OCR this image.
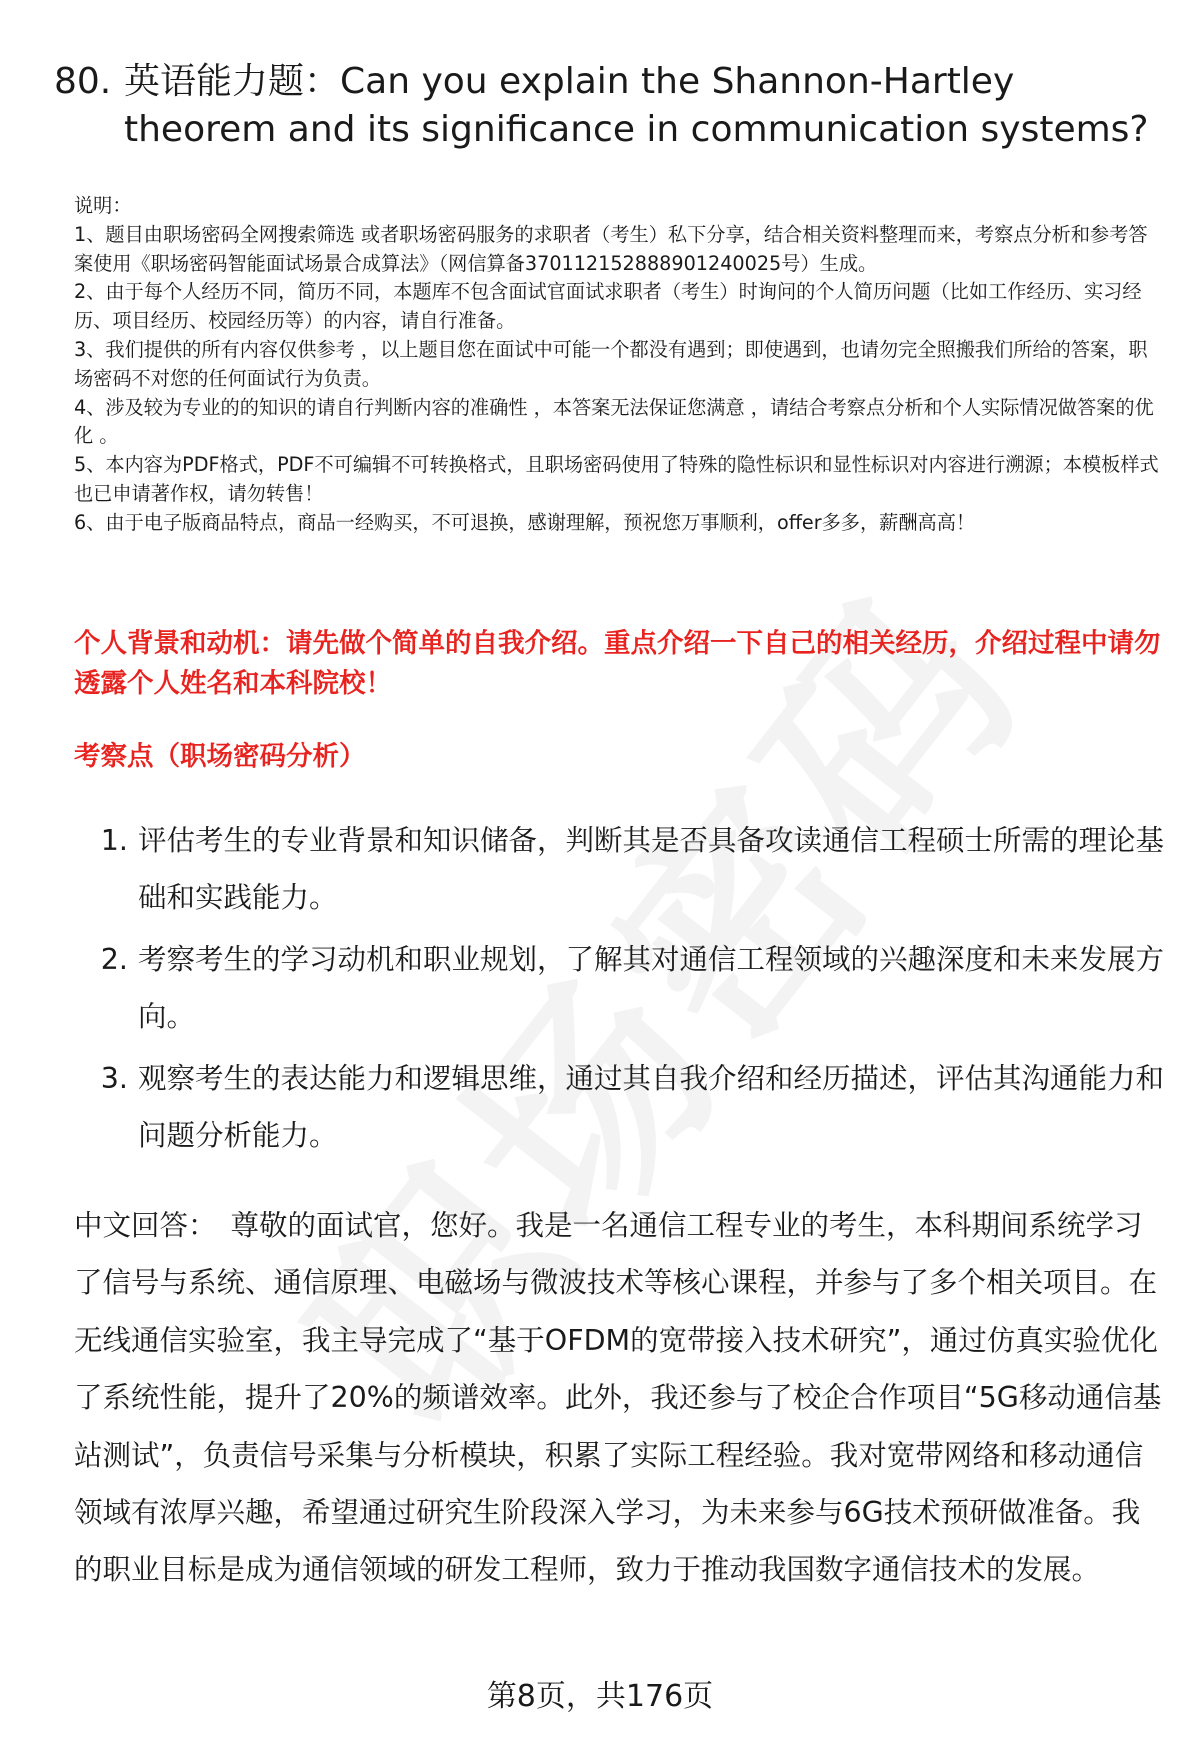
80. 英语能力题：Can you explain the Shannon-Hartley theorem and its significance in communication systems?

说明：

1、题目由职场密码全网搜索筛选 或者职场密码服务的求职者（考生）私下分享，结合相关资料整理而来，考察点分析和参考答案使用《职场密码智能面试场景合成算法》（网信算备370112152888901240025号）生成。

2、由于每个人经历不同，简历不同，本题库不包含面试官面试求职者（考生）时询问的个人简历问题（比如工作经历、实习经历、项目经历、校园经历等）的内容，请自行准备。

3、我们提供的所有内容仅供参考 ，以上题目您在面试中可能一个都没有遇到；即使遇到，也请勿完全照搬我们所给的答案，职场密码不对您的任何面试行为负责。

4、涉及较为专业的的知识的请自行判断内容的准确性 ，本答案无法保证您满意 ，请结合考察点分析和个人实际情况做答案的优化 。

5、本内容为PDF格式，PDF不可编辑不可转换格式，且职场密码使用了特殊的隐性标识和显性标识对内容进行溯源；本模板样式也已申请著作权，请勿转售！

6、由于电子版商品特点，商品一经购买，不可退换，感谢理解，预祝您万事顺利，offer多多，薪酬高高！

个人背景和动机：请先做个简单的自我介绍。重点介绍一下自己的相关经历，介绍过程中请勿透露个人姓名和本科院校！
考察点（职场密码分析）
1. 评估考生的专业背景和知识储备，判断其是否具备攻读通信工程硕士所需的理论基础和实践能力。
2. 考察考生的学习动机和职业规划，了解其对通信工程领域的兴趣深度和未来发展方向。
3. 观察考生的表达能力和逻辑思维，通过其自我介绍和经历描述，评估其沟通能力和问题分析能力。
中文回答： 尊敬的面试官，您好。我是一名通信工程专业的考生，本科期间系统学习了信号与系统、通信原理、电磁场与微波技术等核心课程，并参与了多个相关项目。在无线通信实验室，我主导完成了“基于OFDM的宽带接入技术研究”，通过仿真实验优化了系统性能，提升了20%的频谱效率。此外，我还参与了校企合作项目“5G移动通信基站测试”，负责信号采集与分析模块，积累了实际工程经验。我对宽带网络和移动通信领域有浓厚兴趣，希望通过研究生阶段深入学习，为未来参与6G技术预研做准备。我的职业目标是成为通信领域的研发工程师，致力于推动我国数字通信技术的发展。
第8页，共176页
